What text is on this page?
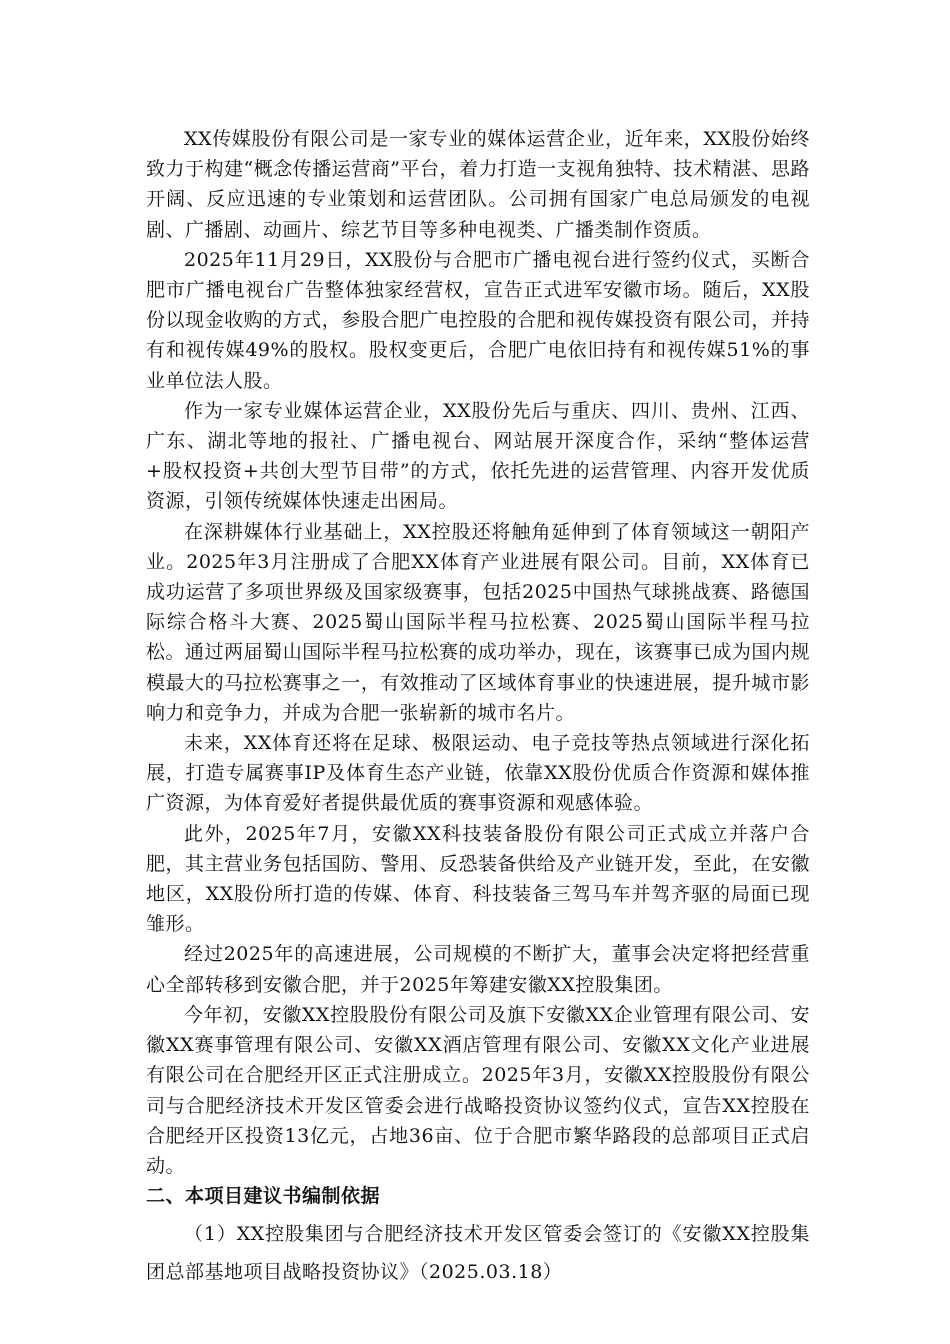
XX传媒股份有限公司是一家专业的媒体运营企业，近年来，XX股份始终致力于构建“概念传播运营商”平台，着力打造一支视角独特、技术精湛、思路开阔、反应迅速的专业策划和运营团队。公司拥有国家广电总局颁发的电视剧、广播剧、动画片、综艺节目等多种电视类、广播类制作资质。

2025年11月29日，XX股份与合肥市广播电视台进行签约仪式，买断合肥市广播电视台广告整体独家经营权，宣告正式进军安徽市场。随后，XX股份以现金收购的方式，参股合肥广电控股的合肥和视传媒投资有限公司，并持有和视传媒49%的股权。股权变更后，合肥广电依旧持有和视传媒51%的事业单位法人股。

作为一家专业媒体运营企业，XX股份先后与重庆、四川、贵州、江西、广东、湖北等地的报社、广播电视台、网站展开深度合作，采纳“整体运营+股权投资+共创大型节目带”的方式，依托先进的运营管理、内容开发优质资源，引领传统媒体快速走出困局。

在深耕媒体行业基础上，XX控股还将触角延伸到了体育领域这一朝阳产业。2025年3月注册成了合肥XX体育产业进展有限公司。目前，XX体育已成功运营了多项世界级及国家级赛事，包括2025中国热气球挑战赛、路德国际综合格斗大赛、2025蜀山国际半程马拉松赛、2025蜀山国际半程马拉松。通过两届蜀山国际半程马拉松赛的成功举办，现在，该赛事已成为国内规模最大的马拉松赛事之一，有效推动了区域体育事业的快速进展，提升城市影响力和竞争力，并成为合肥一张崭新的城市名片。

未来，XX体育还将在足球、极限运动、电子竞技等热点领域进行深化拓展，打造专属赛事IP及体育生态产业链，依靠XX股份优质合作资源和媒体推广资源，为体育爱好者提供最优质的赛事资源和观感体验。

此外，2025年7月，安徽XX科技装备股份有限公司正式成立并落户合肥，其主营业务包括国防、警用、反恐装备供给及产业链开发，至此，在安徽地区，XX股份所打造的传媒、体育、科技装备三驾马车并驾齐驱的局面已现雏形。

经过2025年的高速进展，公司规模的不断扩大，董事会决定将把经营重心全部转移到安徽合肥，并于2025年筹建安徽XX控股集团。

今年初，安徽XX控股股份有限公司及旗下安徽XX企业管理有限公司、安徽XX赛事管理有限公司、安徽XX酒店管理有限公司、安徽XX文化产业进展有限公司在合肥经开区正式注册成立。2025年3月，安徽XX控股股份有限公司与合肥经济技术开发区管委会进行战略投资协议签约仪式，宣告XX控股在合肥经开区投资13亿元，占地36亩、位于合肥市繁华路段的总部项目正式启动。

二、本项目建议书编制依据

（1）XX控股集团与合肥经济技术开发区管委会签订的《安徽XX控股集团总部基地项目战略投资协议》（2025.03.18）
